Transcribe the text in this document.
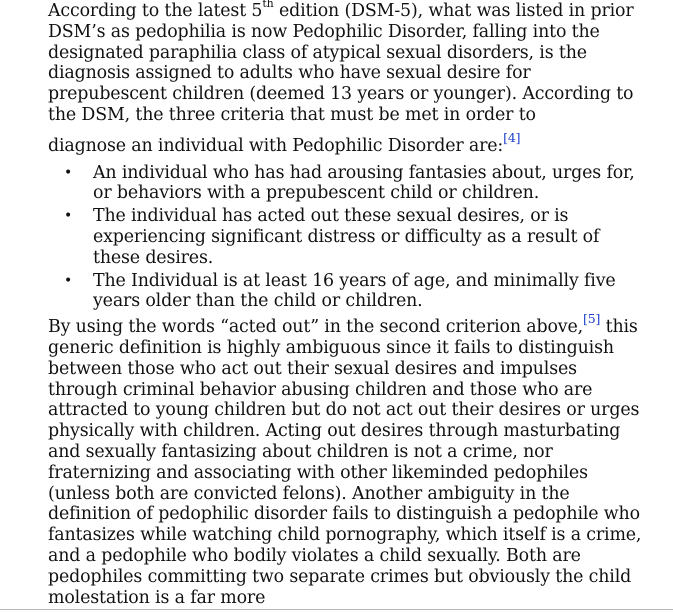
According to the latest 5th edition (DSM-5), what was listed in prior DSM’s as pedophilia is now Pedophilic Disorder, falling into the designated paraphilia class of atypical sexual disorders, is the diagnosis assigned to adults who have sexual desire for prepubescent children (deemed 13 years or younger). According to the DSM, the three criteria that must be met in order to diagnose an individual with Pedophilic Disorder are:[4]

• An individual who has had arousing fantasies about, urges for, or behaviors with a prepubescent child or children.
• The individual has acted out these sexual desires, or is experiencing significant distress or difficulty as a result of these desires.
• The Individual is at least 16 years of age, and minimally five years older than the child or children.

By using the words “acted out” in the second criterion above,[5] this generic definition is highly ambiguous since it fails to distinguish between those who act out their sexual desires and impulses through criminal behavior abusing children and those who are attracted to young children but do not act out their desires or urges physically with children. Acting out desires through masturbating and sexually fantasizing about children is not a crime, nor fraternizing and associating with other likeminded pedophiles (unless both are convicted felons). Another ambiguity in the definition of pedophilic disorder fails to distinguish a pedophile who fantasizes while watching child pornography, which itself is a crime, and a pedophile who bodily violates a child sexually. Both are pedophiles committing two separate crimes but obviously the child molestation is a far more
